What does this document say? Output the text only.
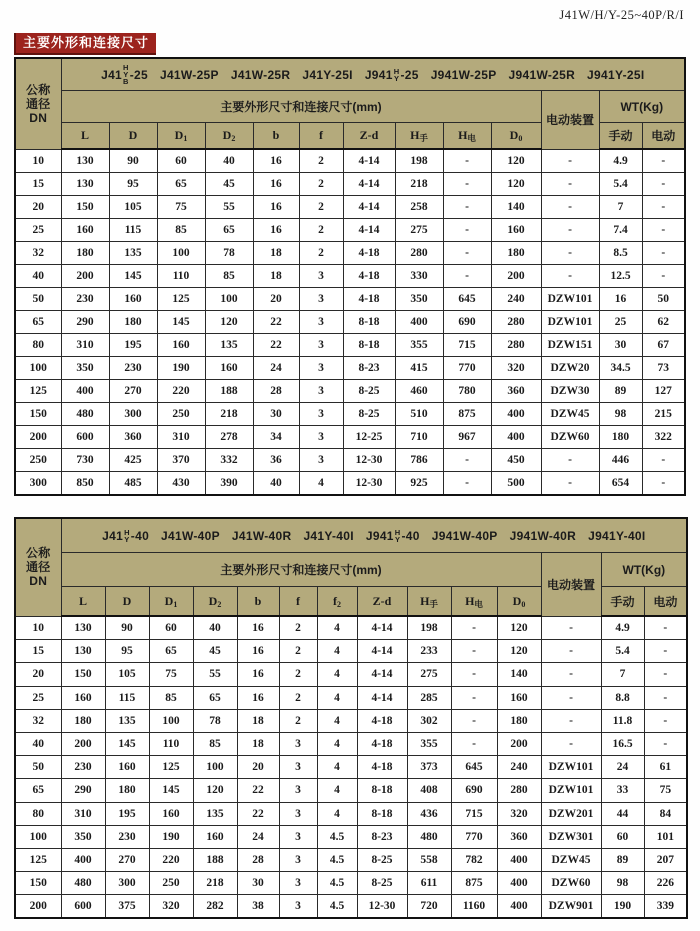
J41W/H/Y-25~40P/R/I
主要外形和连接尺寸
公称
通径
DN	J41 H
Y
B -25 J41W-25P J41W-25R J41Y-25I J941 H
Y -25 J941W-25P J941W-25R J941Y-25I
	主要外形尺寸和连接尺寸(mm)										电动装置	WT(Kg)	
	L	D	$D_1$	$D_2$	b	f	Z-d	$H_手$	$H_电$	$D_0$		手动	电动
10	130	90	60	40	16	2	4-14	198	-	120	-	4.9	-
15	130	95	65	45	16	2	4-14	218	-	120	-	5.4	-
20	150	105	75	55	16	2	4-14	258	-	140	-	7	-
25	160	115	85	65	16	2	4-14	275	-	160	-	7.4	-
32	180	135	100	78	18	2	4-18	280	-	180	-	8.5	-
40	200	145	110	85	18	3	4-18	330	-	200	-	12.5	-
50	230	160	125	100	20	3	4-18	350	645	240	DZW101	16	50
65	290	180	145	120	22	3	8-18	400	690	280	DZW101	25	62
80	310	195	160	135	22	3	8-18	355	715	280	DZW151	30	67
100	350	230	190	160	24	3	8-23	415	770	320	DZW20	34.5	73
125	400	270	220	188	28	3	8-25	460	780	360	DZW30	89	127
150	480	300	250	218	30	3	8-25	510	875	400	DZW45	98	215
200	600	360	310	278	34	3	12-25	710	967	400	DZW60	180	322
250	730	425	370	332	36	3	12-30	786	-	450	-	446	-
300	850	485	430	390	40	4	12-30	925	-	500	-	654	-
公称
通径
DN	J41 H
Y -40 J41W-40P J41W-40R J41Y-40I J941 H
Y -40 J941W-40P J941W-40R J941Y-40I
	主要外形尺寸和连接尺寸(mm)											电动装置	WT(Kg)	
	L	D	$D_1$	$D_2$	b	f	$f_2$	Z-d	$H_手$	$H_电$	$D_0$		手动	电动
10	130	90	60	40	16	2	4	4-14	198	-	120	-	4.9	-
15	130	95	65	45	16	2	4	4-14	233	-	120	-	5.4	-
20	150	105	75	55	16	2	4	4-14	275	-	140	-	7	-
25	160	115	85	65	16	2	4	4-14	285	-	160	-	8.8	-
32	180	135	100	78	18	2	4	4-18	302	-	180	-	11.8	-
40	200	145	110	85	18	3	4	4-18	355	-	200	-	16.5	-
50	230	160	125	100	20	3	4	4-18	373	645	240	DZW101	24	61
65	290	180	145	120	22	3	4	8-18	408	690	280	DZW101	33	75
80	310	195	160	135	22	3	4	8-18	436	715	320	DZW201	44	84
100	350	230	190	160	24	3	4.5	8-23	480	770	360	DZW301	60	101
125	400	270	220	188	28	3	4.5	8-25	558	782	400	DZW45	89	207
150	480	300	250	218	30	3	4.5	8-25	611	875	400	DZW60	98	226
200	600	375	320	282	38	3	4.5	12-30	720	1160	400	DZW901	190	339
